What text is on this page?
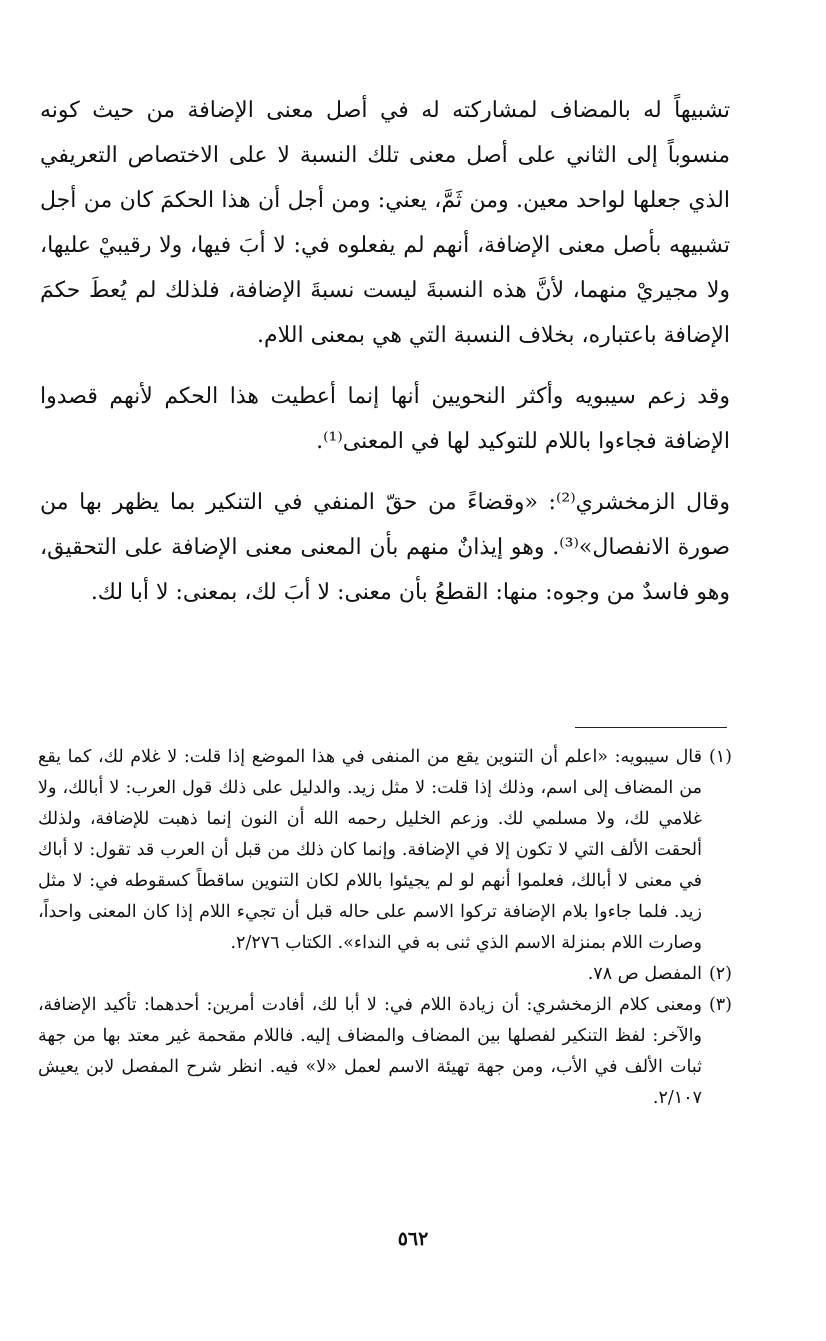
تشبيهاً له بالمضاف لمشاركته له في أصل معنى الإضافة من حيث كونه منسوباً إلى الثاني على أصل معنى تلك النسبة لا على الاختصاص التعريفي الذي جعلها لواحد معين. ومن ثَمَّ، يعني: ومن أجل أن هذا الحكمَ كان من أجل تشبيهه بأصل معنى الإضافة، أنهم لم يفعلوه في: لا أبَ فيها، ولا رقيبيْ عليها، ولا مجيريْ منهما، لأنَّ هذه النسبةَ ليست نسبةَ الإضافة، فلذلك لم يُعطَ حكمَ الإضافة باعتباره، بخلاف النسبة التي هي بمعنى اللام.

وقد زعم سيبويه وأكثر النحويين أنها إنما أعطيت هذا الحكم لأنهم قصدوا الإضافة فجاءوا باللام للتوكيد لها في المعنى⁽¹⁾.

وقال الزمخشري⁽²⁾: «وقضاءً من حقّ المنفي في التنكير بما يظهر بها من صورة الانفصال»⁽³⁾. وهو إيذانٌ منهم بأن المعنى معنى الإضافة على التحقيق، وهو فاسدٌ من وجوه: منها: القطعُ بأن معنى: لا أبَ لك، بمعنى: لا أبا لك.

(١)قال سيبويه: «اعلم أن التنوين يقع من المنفى في هذا الموضع إذا قلت: لا غلام لك، كما يقع من المضاف إلى اسم، وذلك إذا قلت: لا مثل زيد. والدليل على ذلك قول العرب: لا أبالك، ولا غلامي لك، ولا مسلمي لك. وزعم الخليل رحمه الله أن النون إنما ذهبت للإضافة، ولذلك ألحقت الألف التي لا تكون إلا في الإضافة. وإنما كان ذلك من قبل أن العرب قد تقول: لا أباك في معنى لا أبالك، فعلموا أنهم لو لم يجيئوا باللام لكان التنوين ساقطاً كسقوطه في: لا مثل زيد. فلما جاءوا بلام الإضافة تركوا الاسم على حاله قبل أن تجيء اللام إذا كان المعنى واحداً، وصارت اللام بمنزلة الاسم الذي ثنى به في النداء». الكتاب ٢/٢٧٦.

(٢)المفصل ص ٧٨.

(٣)ومعنى كلام الزمخشري: أن زيادة اللام في: لا أبا لك، أفادت أمرين: أحدهما: تأكيد الإضافة، والآخر: لفظ التنكير لفصلها بين المضاف والمضاف إليه. فاللام مقحمة غير معتد بها من جهة ثبات الألف في الأب، ومن جهة تهيئة الاسم لعمل «لا» فيه. انظر شرح المفصل لابن يعيش ٢/١٠٧.

٥٦٢
